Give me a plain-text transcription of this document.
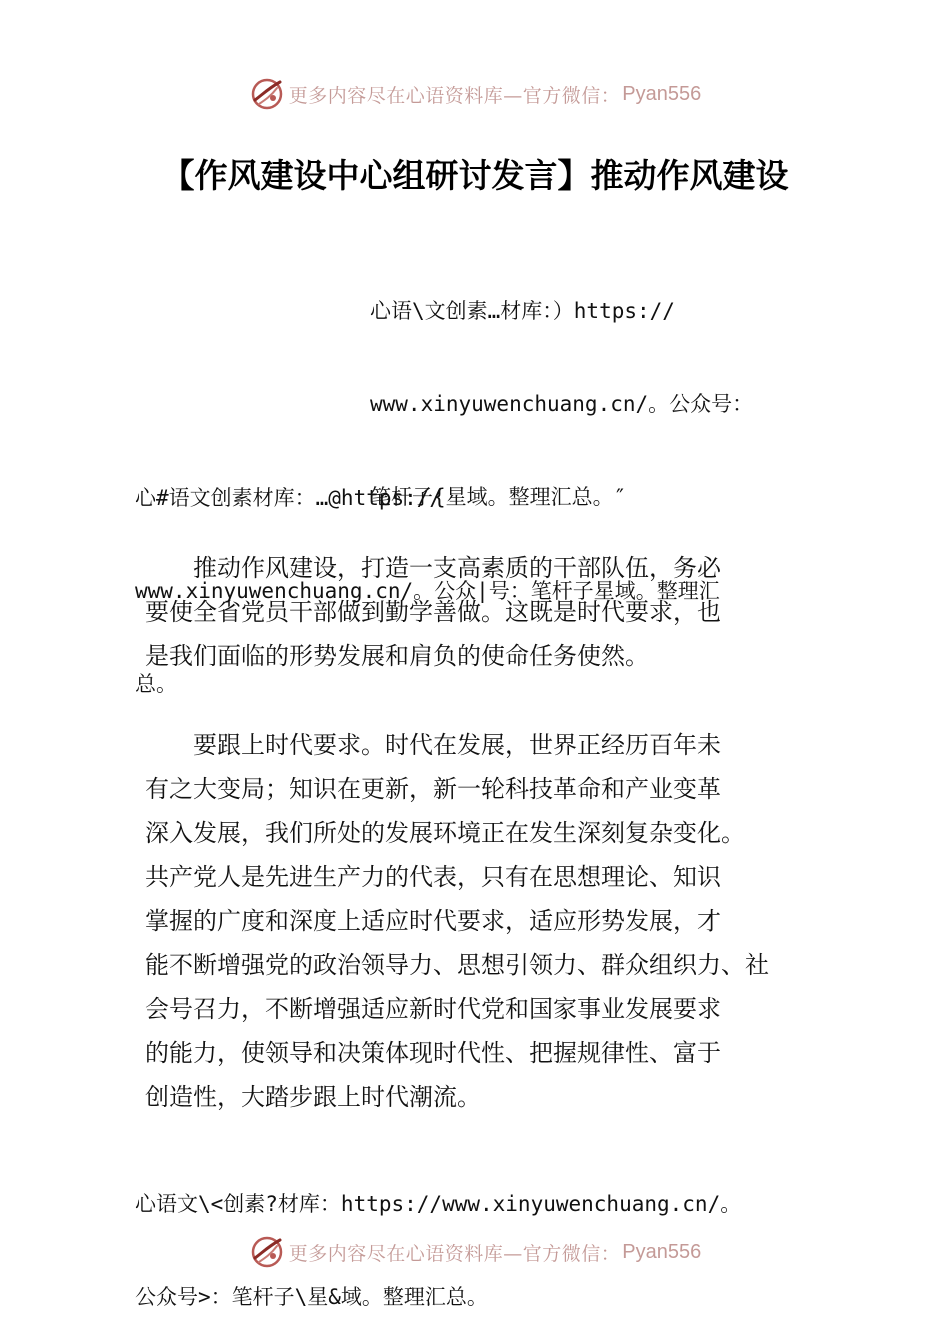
更多内容尽在心语资料库—官方微信： Pyan556
【作风建设中心组研讨发言】推动作风建设

心语\文创素…材库：）https://

www.xinyuwenchuang.cn/。公众号：

笔杆子{星域。整理汇总。″

心#语文创素材库：…@https://

www.xinyuwenchuang.cn/。公众|号：笔杆子星域。整理汇

总。

　　推动作风建设，打造一支高素质的干部队伍，务必
要使全省党员干部做到勤学善做。这既是时代要求，也
是我们面临的形势发展和肩负的使命任务使然。
　　要跟上时代要求。时代在发展，世界正经历百年未
有之大变局；知识在更新，新一轮科技革命和产业变革
深入发展，我们所处的发展环境正在发生深刻复杂变化。
共产党人是先进生产力的代表，只有在思想理论、知识
掌握的广度和深度上适应时代要求，适应形势发展，才
能不断增强党的政治领导力、思想引领力、群众组织力、社
会号召力，不断增强适应新时代党和国家事业发展要求
的能力，使领导和决策体现时代性、把握规律性、富于
创造性，大踏步跟上时代潮流。

心语文\<创素?材库：https://www.xinyuwenchuang.cn/。

公众号>：笔杆子\星&域。整理汇总。

更多内容尽在心语资料库—官方微信： Pyan556
